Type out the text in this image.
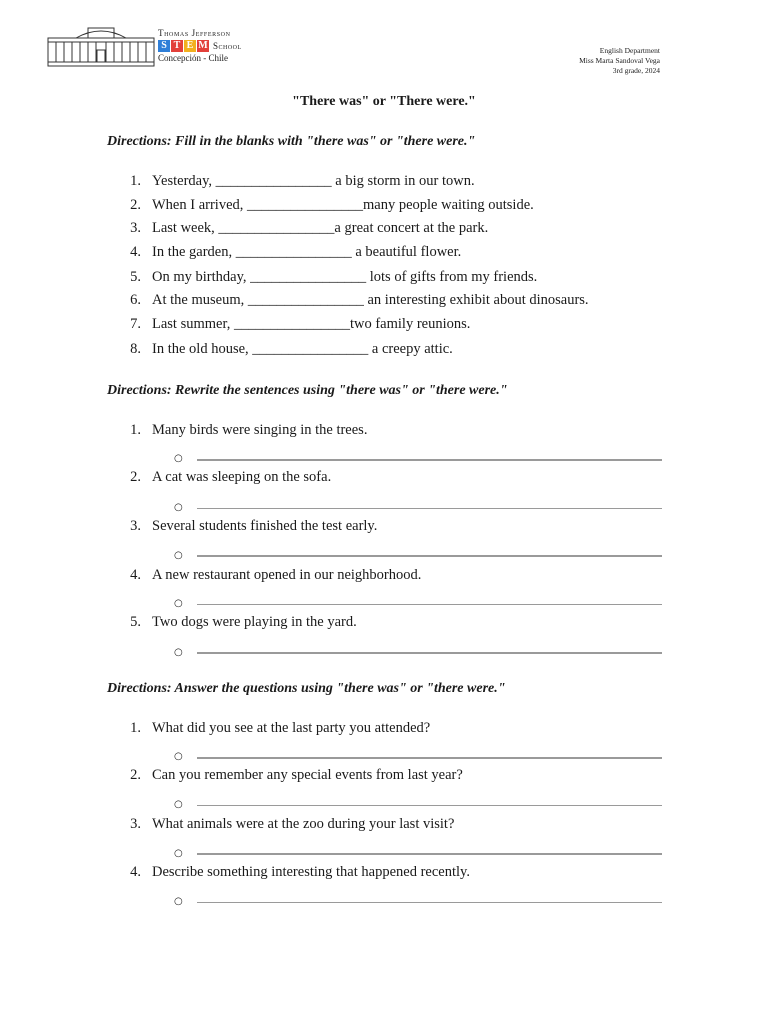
Thomas Jefferson
S T E M School
Concepción - Chile
English Department
Miss Marta Sandoval Vega
3rd grade, 2024
"There was" or "There were."
Directions: Fill in the blanks with "there was" or "there were."
1. Yesterday, ________________ a big storm in our town.
2. When I arrived, ________________many people waiting outside.
3. Last week, ________________a great concert at the park.
4. In the garden, ________________ a beautiful flower.
5. On my birthday, ________________ lots of gifts from my friends.
6. At the museum, ________________ an interesting exhibit about dinosaurs.
7. Last summer, ________________two family reunions.
8. In the old house, ________________ a creepy attic.
Directions: Rewrite the sentences using "there was" or "there were."
1. Many birds were singing in the trees.
○
2. A cat was sleeping on the sofa.
○
3. Several students finished the test early.
○
4. A new restaurant opened in our neighborhood.
○
5. Two dogs were playing in the yard.
○
Directions: Answer the questions using "there was" or "there were."
1. What did you see at the last party you attended?
○
2. Can you remember any special events from last year?
○
3. What animals were at the zoo during your last visit?
○
4. Describe something interesting that happened recently.
○
